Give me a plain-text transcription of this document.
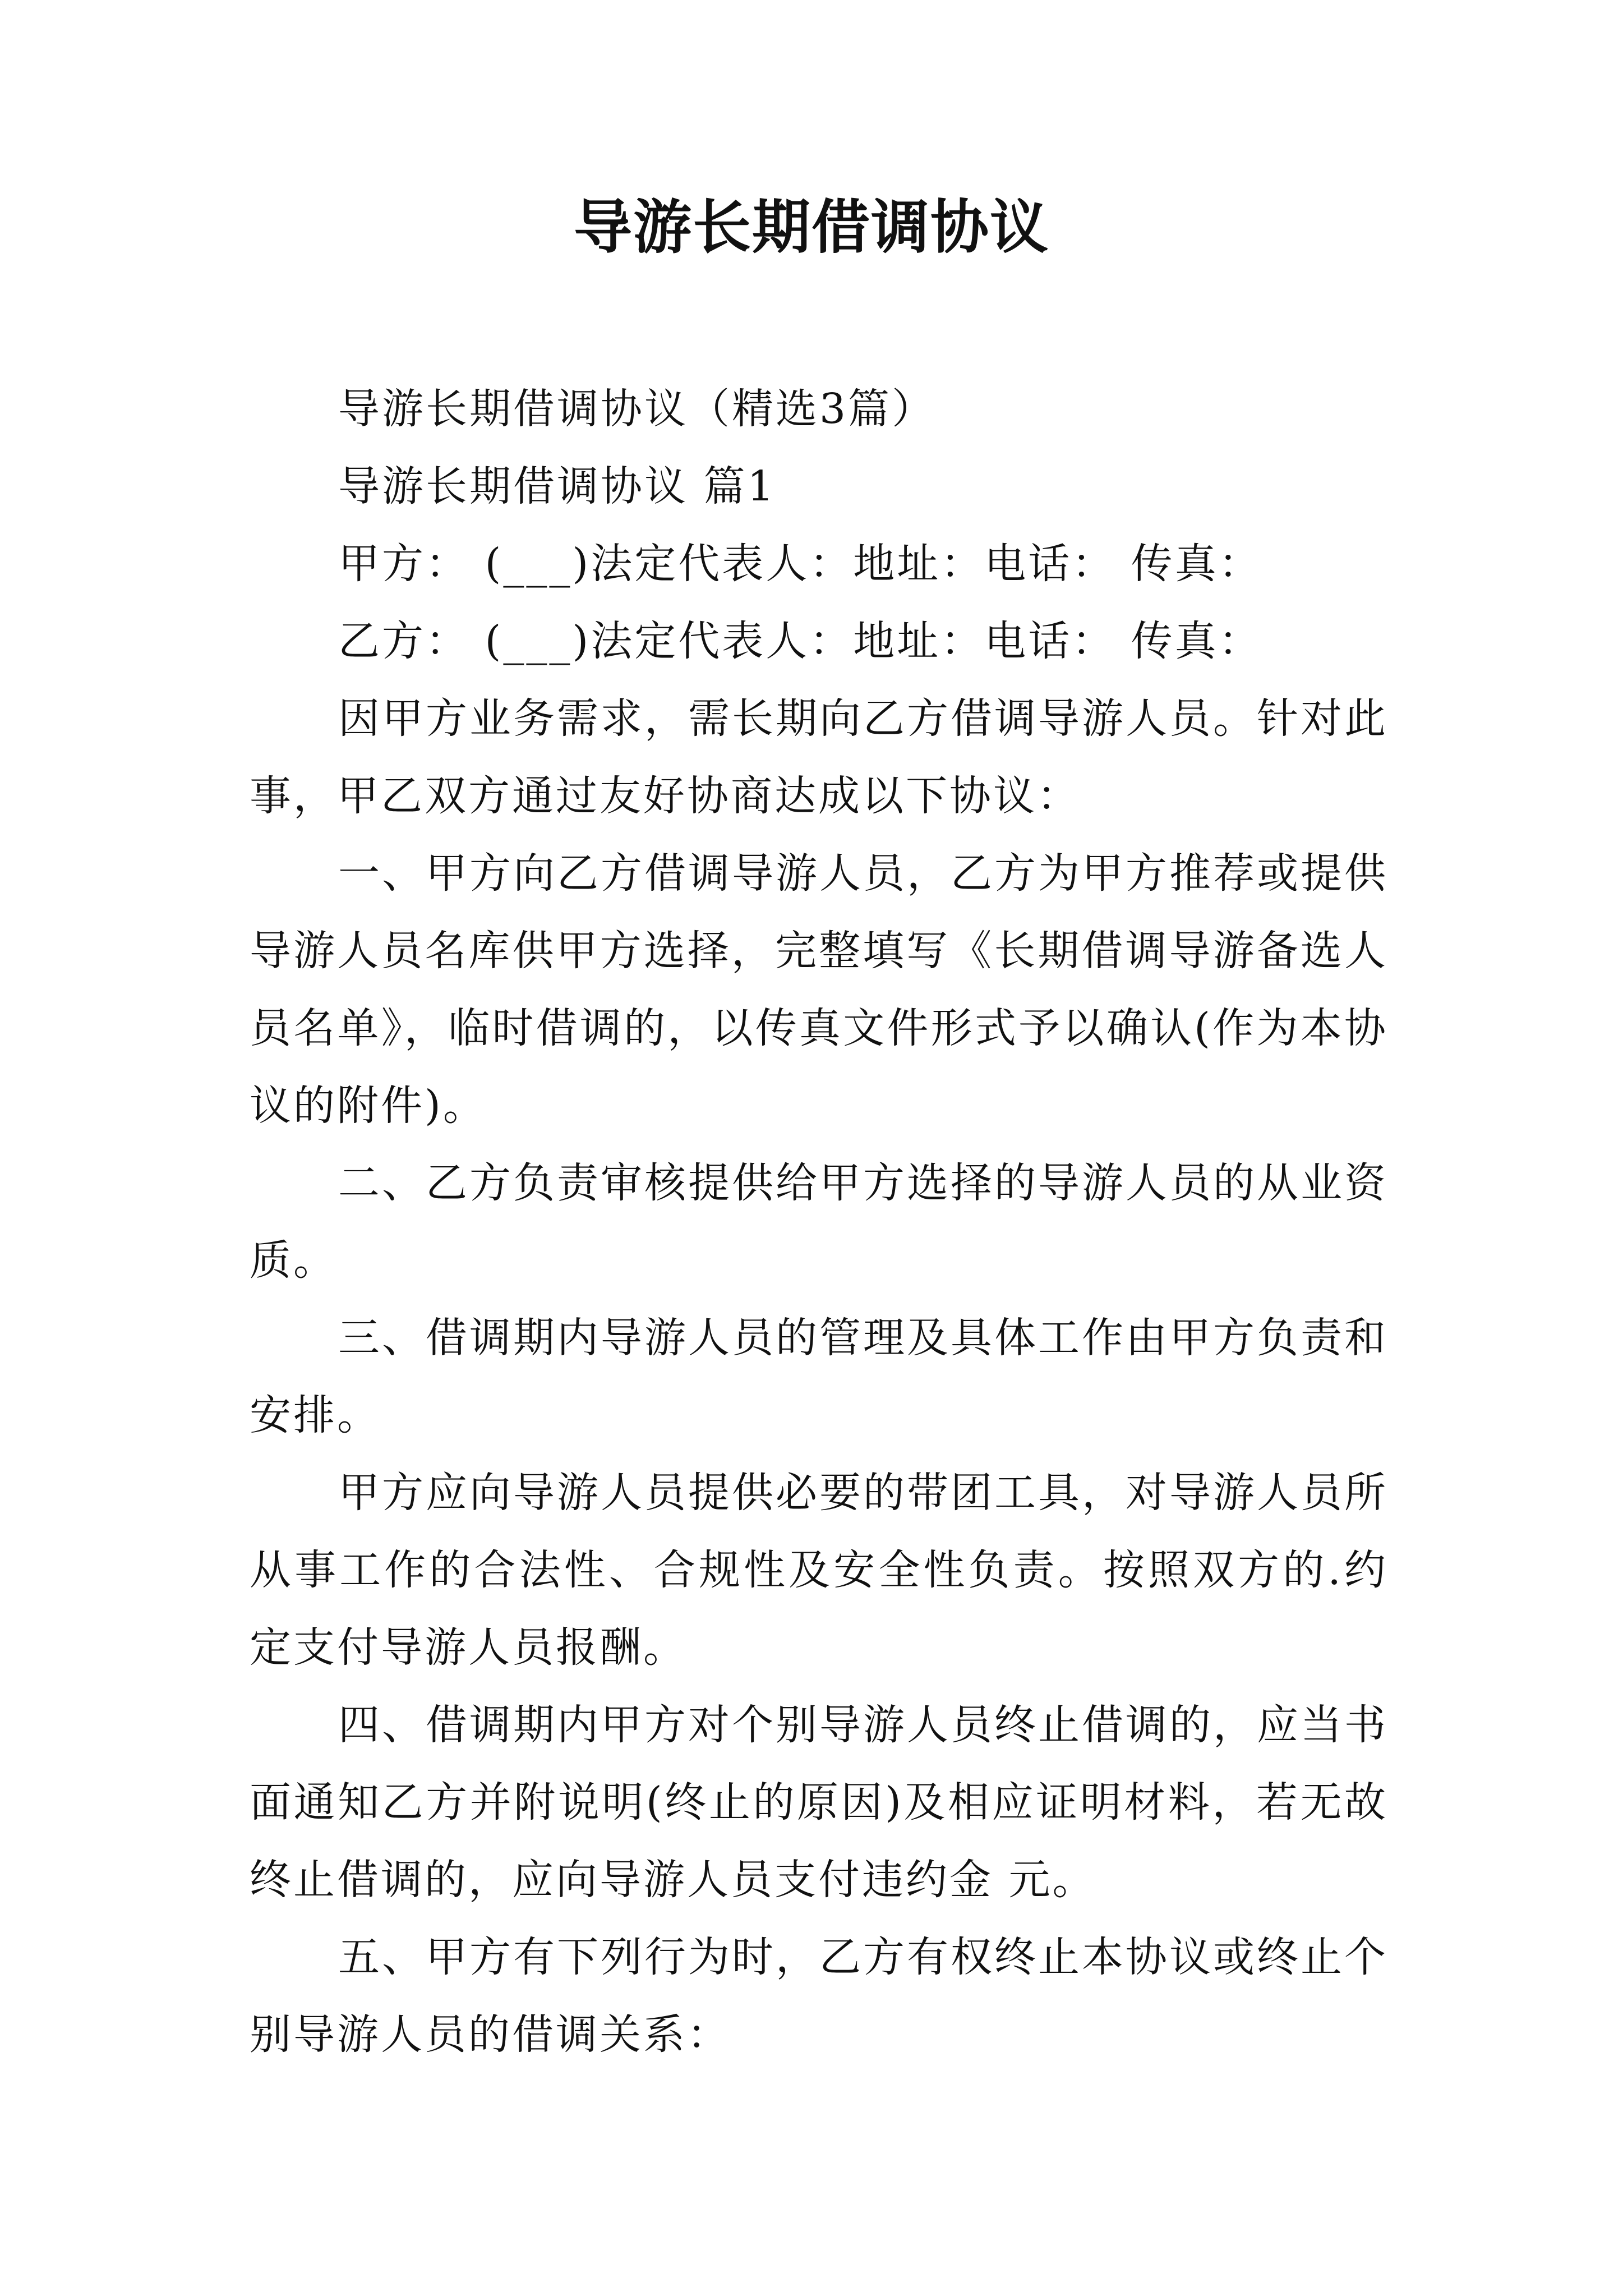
导游长期借调协议

导游长期借调协议（精选3篇）

导游长期借调协议 篇1

甲方： (___)法定代表人：地址：电话： 传真：

乙方： (___)法定代表人：地址：电话： 传真：

因甲方业务需求，需长期向乙方借调导游人员。针对此事，甲乙双方通过友好协商达成以下协议：

一、甲方向乙方借调导游人员，乙方为甲方推荐或提供导游人员名库供甲方选择，完整填写《长期借调导游备选人员名单》，临时借调的，以传真文件形式予以确认(作为本协议的附件)。

二、乙方负责审核提供给甲方选择的导游人员的从业资质。

三、借调期内导游人员的管理及具体工作由甲方负责和安排。

甲方应向导游人员提供必要的带团工具，对导游人员所从事工作的合法性、合规性及安全性负责。按照双方的.约定支付导游人员报酬。

四、借调期内甲方对个别导游人员终止借调的，应当书面通知乙方并附说明(终止的原因)及相应证明材料，若无故终止借调的，应向导游人员支付违约金 元。

五、甲方有下列行为时，乙方有权终止本协议或终止个别导游人员的借调关系：
